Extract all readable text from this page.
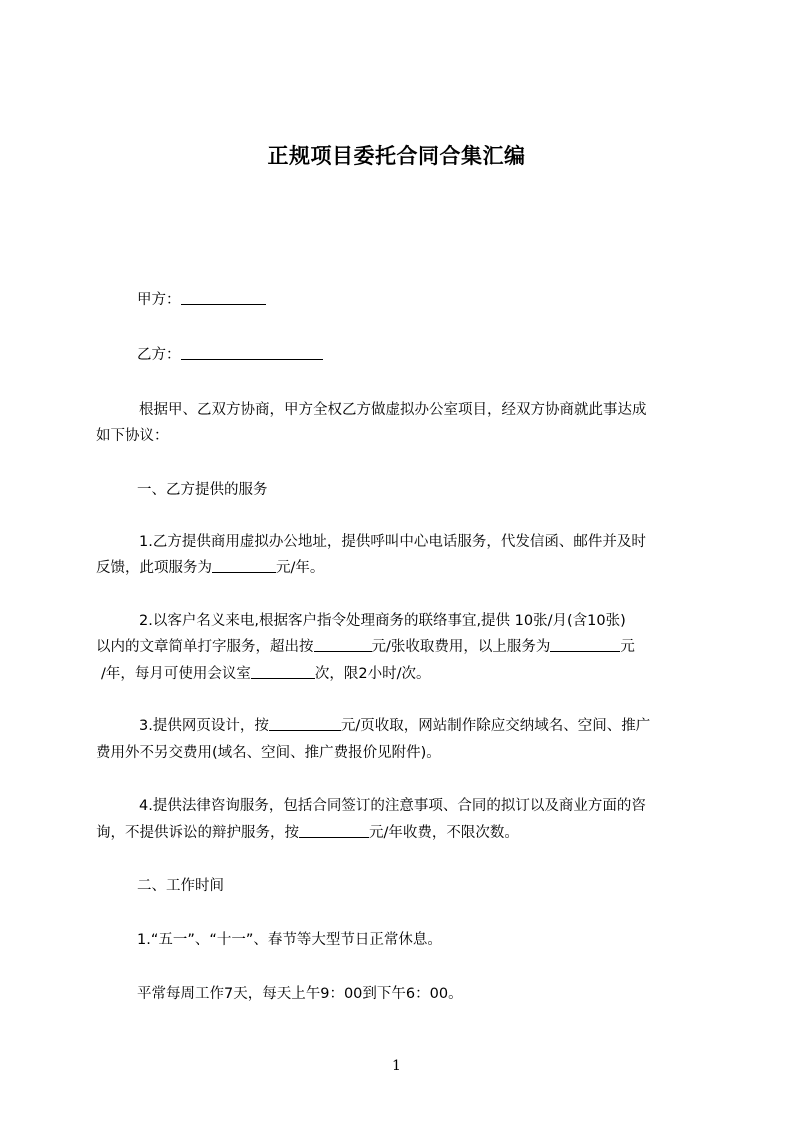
正规项目委托合同合集汇编
甲方：
乙方：
根据甲、乙双方协商，甲方全权乙方做虚拟办公室项目，经双方协商就此事达成
如下协议：
一、乙方提供的服务
1.乙方提供商用虚拟办公地址，提供呼叫中心电话服务，代发信函、邮件并及时
反馈，此项服务为	元/年。
2.以客户名义来电,根据客户指令处理商务的联络事宜,提供 10张/月(含10张)
以内的文章简单打字服务，超出按	元/张收取费用，以上服务为	元
/年，每月可使用会议室	次，限2小时/次。
3.提供网页设计，按	元/页收取，网站制作除应交纳域名、空间、推广
费用外不另交费用(域名、空间、推广费报价见附件)。
4.提供法律咨询服务，包括合同签订的注意事项、合同的拟订以及商业方面的咨
询，不提供诉讼的辩护服务，按	元/年收费，不限次数。
二、工作时间
1.“五一”、“十一”、春节等大型节日正常休息。
平常每周工作7天，每天上午9：00到下午6：00。
1
